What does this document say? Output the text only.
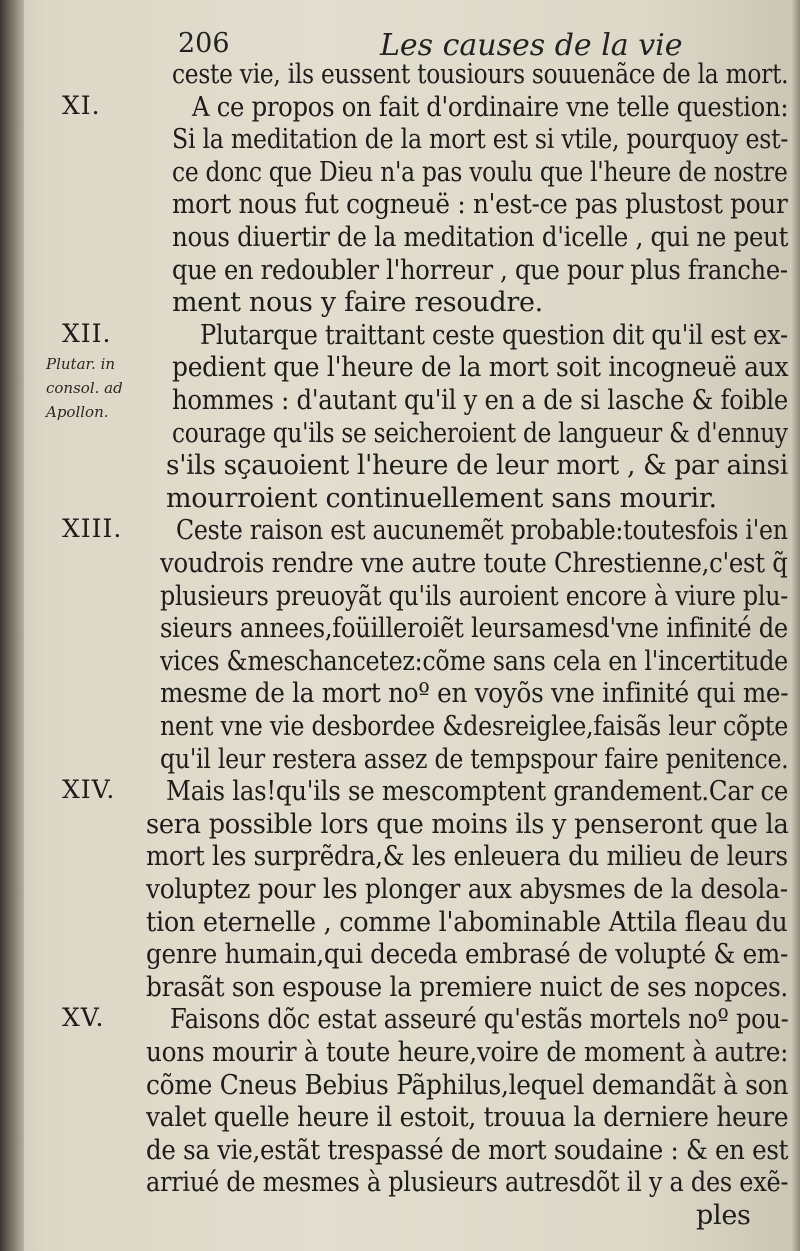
206	Les causes de la vie
ceste vie, ils eussent tousiours souuenãce de la mort.
A ce propos on fait d'ordinaire vne telle question:
Si la meditation de la mort est si vtile, pourquoy est-
ce donc que Dieu n'a pas voulu que l'heure de nostre
mort nous fut cogneuë : n'est-ce pas plustost pour
nous diuertir de la meditation d'icelle , qui ne peut
que en redoubler l'horreur , que pour plus franche-
ment nous y faire resoudre.
Plutarque traittant ceste question dit qu'il est ex-
pedient que l'heure de la mort soit incogneuë aux
hommes : d'autant qu'il y en a de si lasche & foible
courage qu'ils se seicheroient de langueur & d'ennuy
s'ils sçauoient l'heure de leur mort , & par ainsi
mourroient continuellement sans mourir.
Ceste raison est aucunemẽt probable:toutesfois i'en
voudrois rendre vne autre toute Chrestienne,c'est q̃
plusieurs preuoyãt qu'ils auroient encore à viure plu-
sieurs annees,foüilleroiẽt leursamesd'vne infinité de
vices &meschancetez:cõme sans cela en l'incertitude
mesme de la mort noº en voyõs vne infinité qui me-
nent vne vie desbordee &desreiglee,faisãs leur cõpte
qu'il leur restera assez de tempspour faire penitence.
Mais las!qu'ils se mescomptent grandement.Car ce
sera possible lors que moins ils y penseront que la
mort les surprẽdra,& les enleuera du milieu de leurs
voluptez pour les plonger aux abysmes de la desola-
tion eternelle , comme l'abominable Attila fleau du
genre humain,qui deceda embrasé de volupté & em-
brasãt son espouse la premiere nuict de ses nopces.
Faisons dõc estat asseuré qu'estãs mortels noº pou-
uons mourir à toute heure,voire de moment à autre:
cõme Cneus Bebius Pãphilus,lequel demandãt à son
valet quelle heure il estoit, trouua la derniere heure
de sa vie,estãt trespassé de mort soudaine : & en est
arriué de mesmes à plusieurs autresdõt il y a des exẽ-
ples
XI.
XII.
XIII.
XIV.
XV.
Plutar. in
consol. ad
Apollon.
